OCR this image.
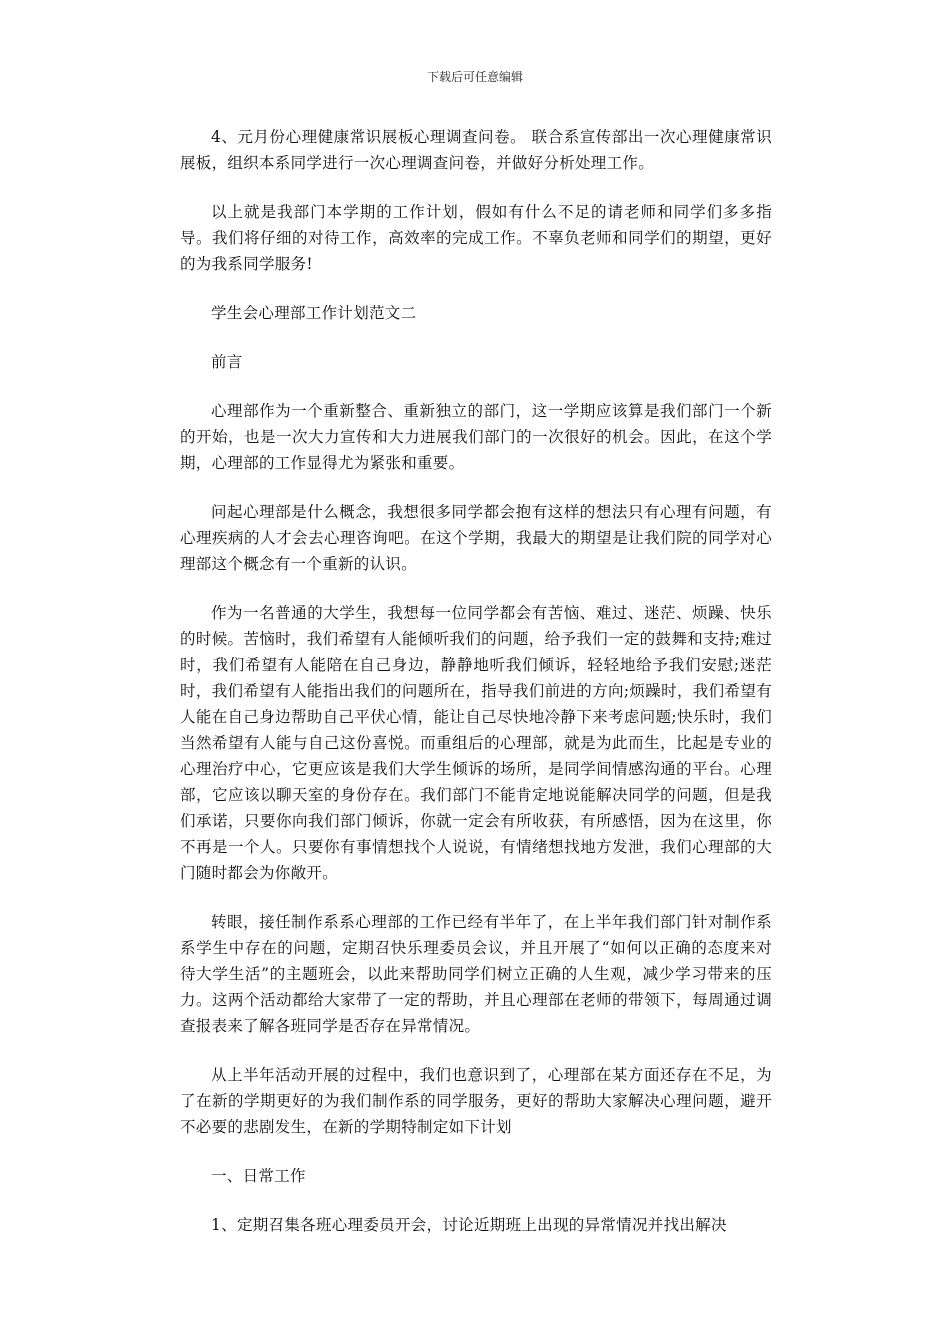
下载后可任意编辑

4、元月份心理健康常识展板心理调查问卷。 联合系宣传部出一次心理健康常识展板，组织本系同学进行一次心理调查问卷，并做好分析处理工作。

以上就是我部门本学期的工作计划，假如有什么不足的请老师和同学们多多指导。我们将仔细的对待工作，高效率的完成工作。不辜负老师和同学们的期望，更好的为我系同学服务!

学生会心理部工作计划范文二

前言

心理部作为一个重新整合、重新独立的部门，这一学期应该算是我们部门一个新的开始，也是一次大力宣传和大力进展我们部门的一次很好的机会。因此，在这个学期，心理部的工作显得尤为紧张和重要。

问起心理部是什么概念，我想很多同学都会抱有这样的想法只有心理有问题，有心理疾病的人才会去心理咨询吧。在这个学期，我最大的期望是让我们院的同学对心理部这个概念有一个重新的认识。

作为一名普通的大学生，我想每一位同学都会有苦恼、难过、迷茫、烦躁、快乐的时候。苦恼时，我们希望有人能倾听我们的问题，给予我们一定的鼓舞和支持;难过时，我们希望有人能陪在自己身边，静静地听我们倾诉，轻轻地给予我们安慰;迷茫时，我们希望有人能指出我们的问题所在，指导我们前进的方向;烦躁时，我们希望有人能在自己身边帮助自己平伏心情，能让自己尽快地冷静下来考虑问题;快乐时，我们当然希望有人能与自己这份喜悦。而重组后的心理部，就是为此而生，比起是专业的心理治疗中心，它更应该是我们大学生倾诉的场所，是同学间情感沟通的平台。心理部，它应该以聊天室的身份存在。我们部门不能肯定地说能解决同学的问题，但是我们承诺，只要你向我们部门倾诉，你就一定会有所收获，有所感悟，因为在这里，你不再是一个人。只要你有事情想找个人说说，有情绪想找地方发泄，我们心理部的大门随时都会为你敞开。

转眼，接任制作系系心理部的工作已经有半年了，在上半年我们部门针对制作系系学生中存在的问题，定期召快乐理委员会议，并且开展了“如何以正确的态度来对待大学生活”的主题班会，以此来帮助同学们树立正确的人生观，减少学习带来的压力。这两个活动都给大家带了一定的帮助，并且心理部在老师的带领下，每周通过调查报表来了解各班同学是否存在异常情况。

从上半年活动开展的过程中，我们也意识到了，心理部在某方面还存在不足，为了在新的学期更好的为我们制作系的同学服务，更好的帮助大家解决心理问题，避开不必要的悲剧发生，在新的学期特制定如下计划

一、日常工作

1、定期召集各班心理委员开会，讨论近期班上出现的异常情况并找出解决
